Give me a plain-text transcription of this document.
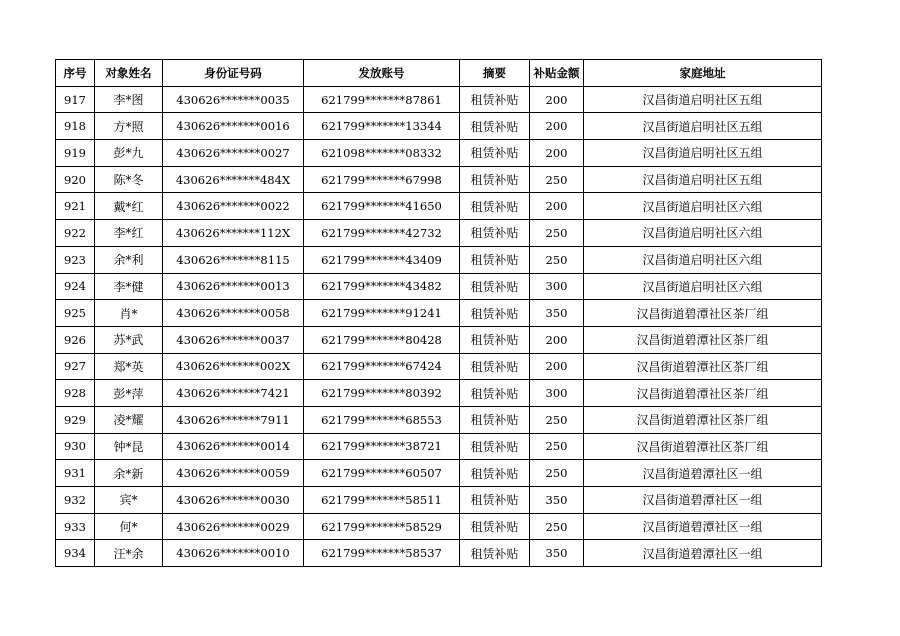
序号	对象姓名	身份证号码	发放账号	摘要	补贴金额	家庭地址
917	李*图	430626*******0035	621799*******87861	租赁补贴	200	汉昌街道启明社区五组
918	方*照	430626*******0016	621799*******13344	租赁补贴	200	汉昌街道启明社区五组
919	彭*九	430626*******0027	621098*******08332	租赁补贴	200	汉昌街道启明社区五组
920	陈*冬	430626*******484X	621799*******67998	租赁补贴	250	汉昌街道启明社区五组
921	戴*红	430626*******0022	621799*******41650	租赁补贴	200	汉昌街道启明社区六组
922	李*红	430626*******112X	621799*******42732	租赁补贴	250	汉昌街道启明社区六组
923	余*利	430626*******8115	621799*******43409	租赁补贴	250	汉昌街道启明社区六组
924	李*健	430626*******0013	621799*******43482	租赁补贴	300	汉昌街道启明社区六组
925	肖*	430626*******0058	621799*******91241	租赁补贴	350	汉昌街道碧潭社区茶厂组
926	苏*武	430626*******0037	621799*******80428	租赁补贴	200	汉昌街道碧潭社区茶厂组
927	郑*英	430626*******002X	621799*******67424	租赁补贴	200	汉昌街道碧潭社区茶厂组
928	彭*萍	430626*******7421	621799*******80392	租赁补贴	300	汉昌街道碧潭社区茶厂组
929	凌*耀	430626*******7911	621799*******68553	租赁补贴	250	汉昌街道碧潭社区茶厂组
930	钟*昆	430626*******0014	621799*******38721	租赁补贴	250	汉昌街道碧潭社区茶厂组
931	余*新	430626*******0059	621799*******60507	租赁补贴	250	汉昌街道碧潭社区一组
932	宾*	430626*******0030	621799*******58511	租赁补贴	350	汉昌街道碧潭社区一组
933	何*	430626*******0029	621799*******58529	租赁补贴	250	汉昌街道碧潭社区一组
934	汪*余	430626*******0010	621799*******58537	租赁补贴	350	汉昌街道碧潭社区一组
